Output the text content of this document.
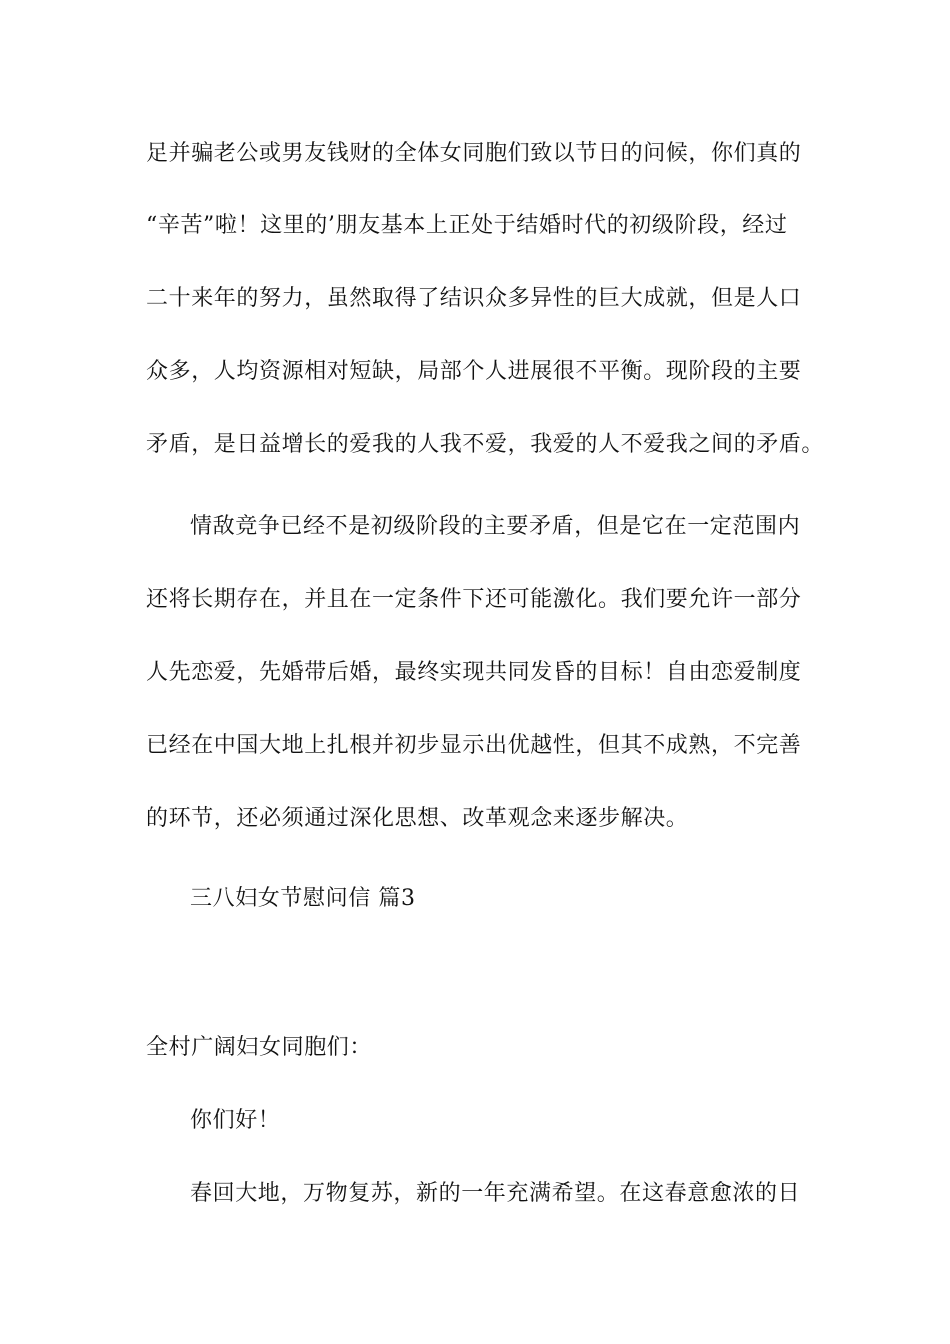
足并骗老公或男友钱财的全体女同胞们致以节日的问候，你们真的
“辛苦”啦！这里的’朋友基本上正处于结婚时代的初级阶段，经过
二十来年的努力，虽然取得了结识众多异性的巨大成就，但是人口
众多，人均资源相对短缺，局部个人进展很不平衡。现阶段的主要
矛盾，是日益增长的爱我的人我不爱，我爱的人不爱我之间的矛盾。
情敌竞争已经不是初级阶段的主要矛盾，但是它在一定范围内
还将长期存在，并且在一定条件下还可能激化。我们要允许一部分
人先恋爱，先婚带后婚，最终实现共同发昏的目标！自由恋爱制度
已经在中国大地上扎根并初步显示出优越性，但其不成熟，不完善
的环节，还必须通过深化思想、改革观念来逐步解决。
三八妇女节慰问信 篇3
全村广阔妇女同胞们：
你们好！
春回大地，万物复苏，新的一年充满希望。在这春意愈浓的日
